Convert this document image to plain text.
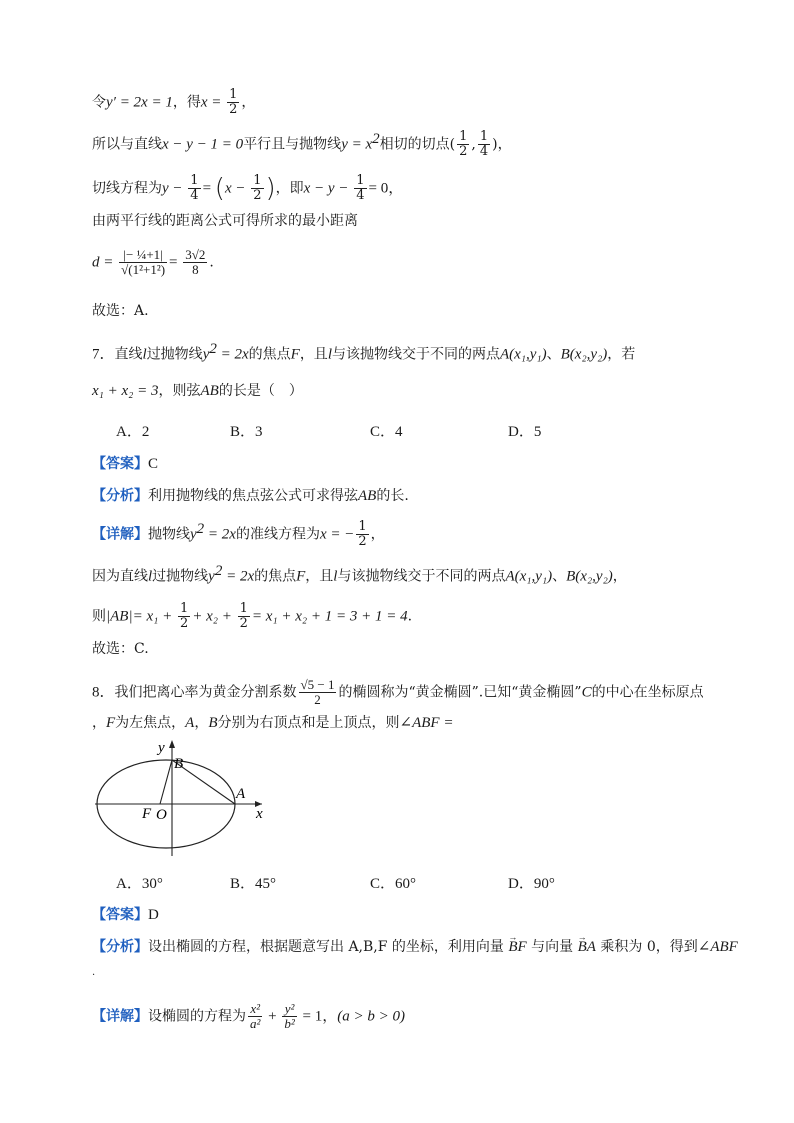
令y′ = 2x = 1，得$x = \frac{1}{2}$ ，
所以与直线x − y − 1 = 0平行且与抛物线$y = x^2$相切的切点( $\frac{1}{2}$ , $\frac{1}{4}$ )，
切线方程为$y - \frac{1}{4} = (x - \frac{1}{2}$ )，即$x - y - \frac{1}{4} = 0$，
由两平行线的距离公式可得所求的最小距离
$d = \frac{\text{|− ¼+1|}}{\text{√(1²+1²)}} = \frac{3√2}{8}$ .
故选：A.
7．直线l过抛物线$y^2 = 2x$的焦点F，且l与该抛物线交于不同的两点A(x₁,y₁)、B(x₂,y₂)，若
x₁ + x₂ = 3，则弦AB的长是（　）
A．2	B．3	C．4	D．5
【答案】C
【分析】利用抛物线的焦点弦公式可求得弦AB的长.
【详解】抛物线$y^2 = 2x$的准线方程为x = − $\frac{1}{2}$ ，
因为直线l过抛物线$y^2 = 2x$的焦点F，且l与该抛物线交于不同的两点A(x₁,y₁)、B(x₂,y₂)，
则$|AB|= x_1 + \frac{1}{2} + x_2 + \frac{1}{2} = x_1 + x_2 + 1 = 3 + 1 = 4$.
故选：C.
8．我们把离心率为黄金分割系数 $\frac{√5 - 1}{2}$ 的椭圆称为“黄金椭圆”.已知“黄金椭圆”C的中心在坐标原点
，F为左焦点，A，B分别为右顶点和是上顶点，则∠ABF =
y
B
A
F O	x
A．30°	B．45°	C．60°	D．90°
【答案】D
【分析】设出椭圆的方程，根据题意写出 A,B,F 的坐标，利用向量 → BF 与向量 → BA 乘积为 0，得到∠ABF
.
【详解】设椭圆的方程为 $\frac{\text{x²}}{\text{a²}} + \frac{\text{y²}}{\text{b²}} = 1$，(a > b > 0)
